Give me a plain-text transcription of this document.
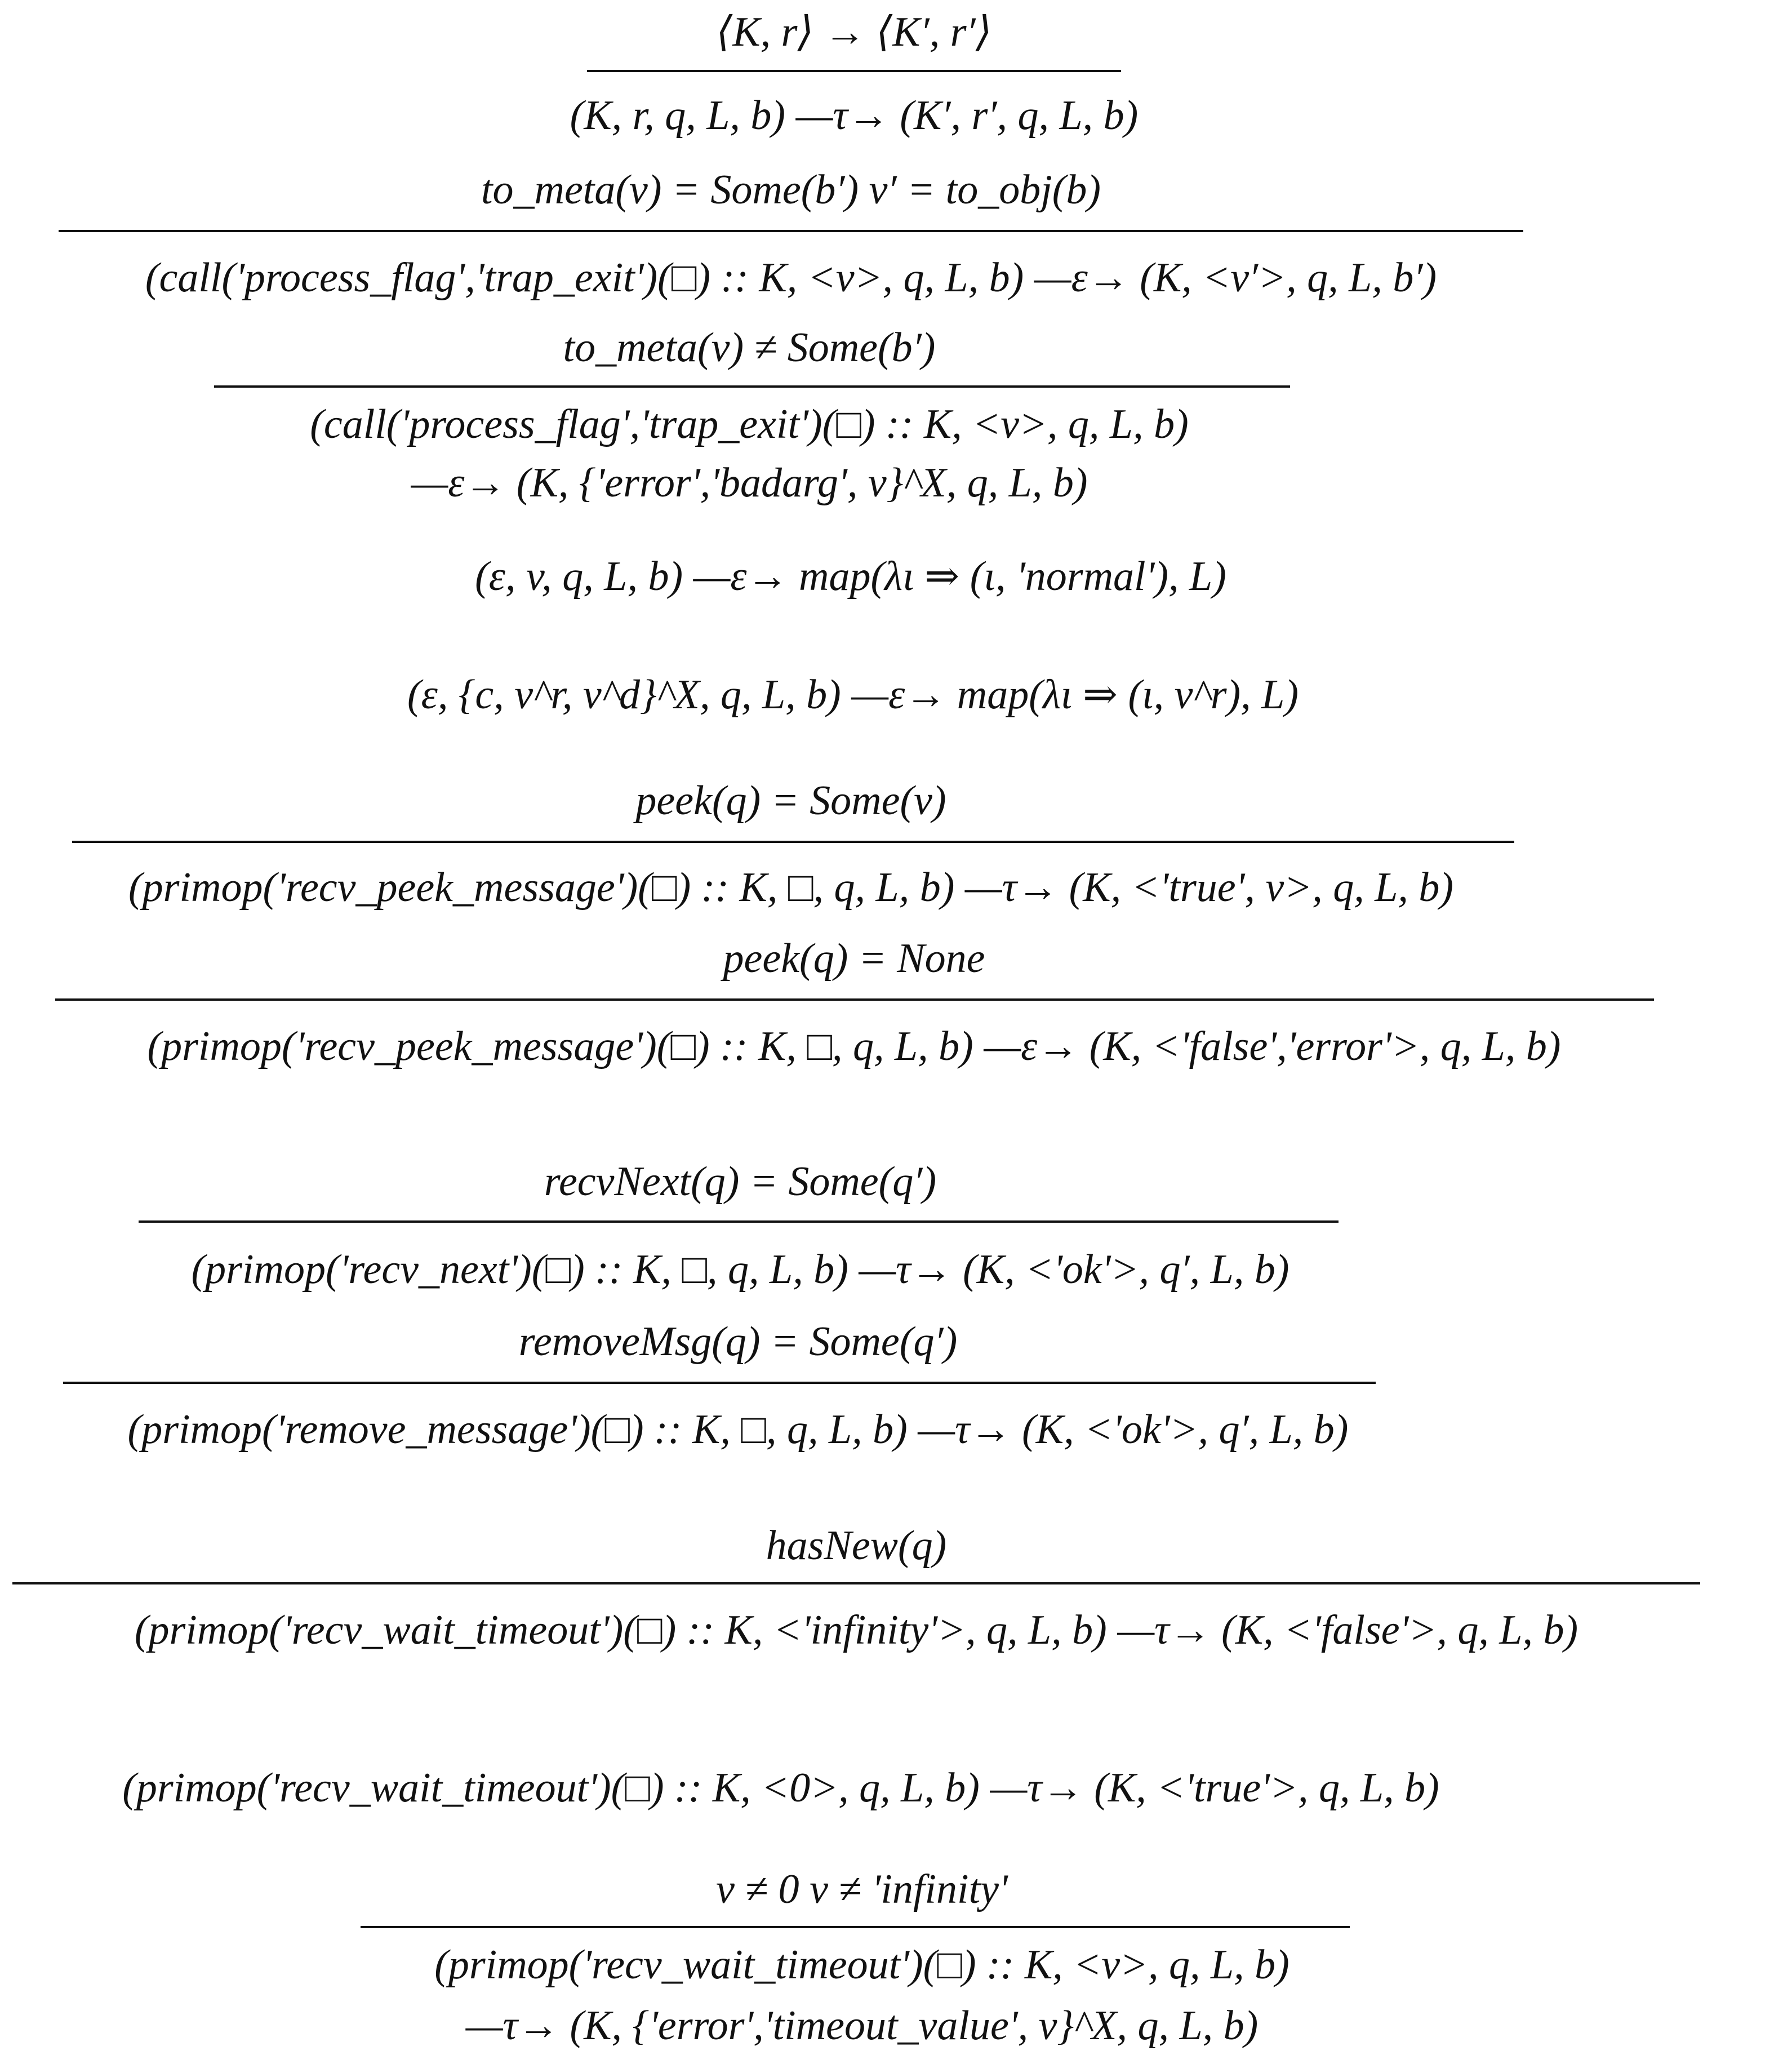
⟨K, r⟩ → ⟨K′, r′⟩
(K, r, q, L, b) —τ→ (K′, r′, q, L, b)
to_meta(v) = Some(b′) v′ = to_obj(b)
(call('process_flag','trap_exit')(□) :: K, <v>, q, L, b) —ε→ (K, <v′>, q, L, b′)
to_meta(v) ≠ Some(b′)
(call('process_flag','trap_exit')(□) :: K, <v>, q, L, b)
—ε→ (K, {'error','badarg', v}^X, q, L, b)
(ε, v, q, L, b) —ε→ map(λι ⇒ (ι, 'normal'), L)
(ε, {c, v^r, v^d}^X, q, L, b) —ε→ map(λι ⇒ (ι, v^r), L)
peek(q) = Some(v)
(primop('recv_peek_message')(□) :: K, □, q, L, b) —τ→ (K, <'true', v>, q, L, b)
peek(q) = None
(primop('recv_peek_message')(□) :: K, □, q, L, b) —ε→ (K, <'false','error'>, q, L, b)
recvNext(q) = Some(q′)
(primop('recv_next')(□) :: K, □, q, L, b) —τ→ (K, <'ok'>, q′, L, b)
removeMsg(q) = Some(q′)
(primop('remove_message')(□) :: K, □, q, L, b) —τ→ (K, <'ok'>, q′, L, b)
hasNew(q)
(primop('recv_wait_timeout')(□) :: K, <'infinity'>, q, L, b) —τ→ (K, <'false'>, q, L, b)
(primop('recv_wait_timeout')(□) :: K, <0>, q, L, b) —τ→ (K, <'true'>, q, L, b)
v ≠ 0 v ≠ 'infinity'
(primop('recv_wait_timeout')(□) :: K, <v>, q, L, b)
—τ→ (K, {'error','timeout_value', v}^X, q, L, b)
